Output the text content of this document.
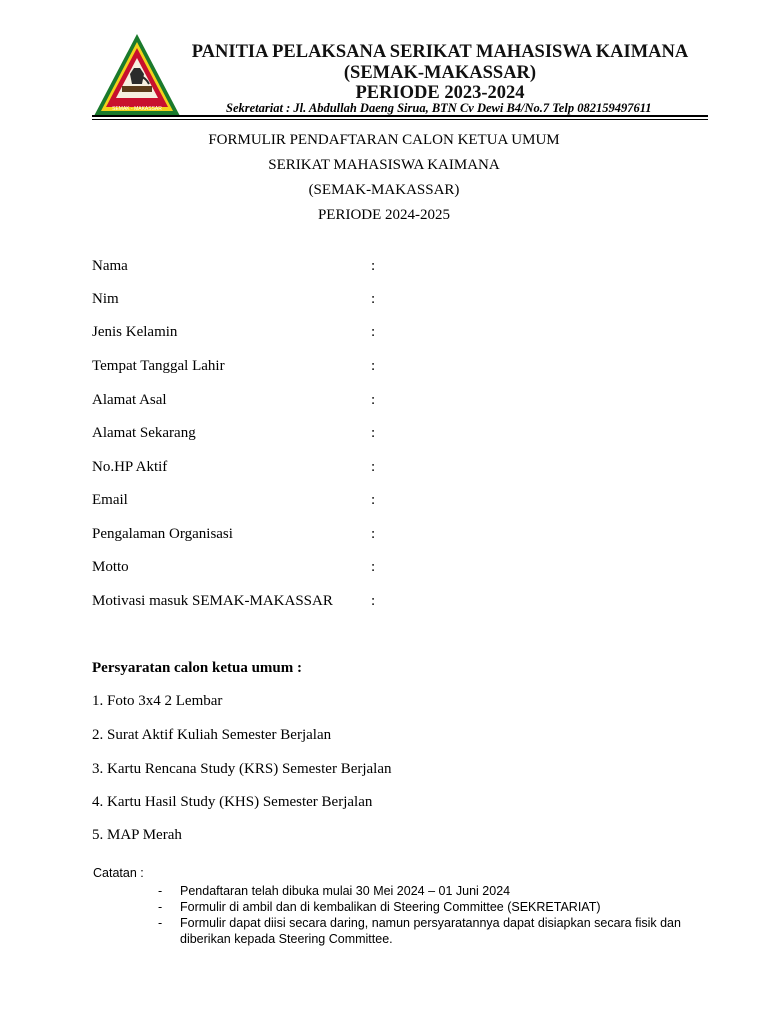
SEMAK - MAKASSAR
PANITIA PELAKSANA SERIKAT MAHASISWA KAIMANA
(SEMAK-MAKASSAR)
PERIODE 2023-2024
Sekretariat : Jl. Abdullah Daeng Sirua, BTN Cv Dewi B4/No.7 Telp 082159497611
FORMULIR PENDAFTARAN CALON KETUA UMUM
SERIKAT MAHASISWA KAIMANA
(SEMAK-MAKASSAR)
PERIODE 2024-2025
Nama	:
Nim	:
Jenis Kelamin	:
Tempat Tanggal Lahir	:
Alamat Asal	:
Alamat Sekarang	:
No.HP Aktif	:
Email	:
Pengalaman Organisasi	:
Motto	:
Motivasi masuk SEMAK-MAKASSAR	:
Persyaratan calon ketua umum :
1. Foto 3x4 2 Lembar
2. Surat Aktif Kuliah Semester Berjalan
3. Kartu Rencana Study (KRS) Semester Berjalan
4. Kartu Hasil Study (KHS) Semester Berjalan
5. MAP Merah
Catatan :
- Pendaftaran telah dibuka mulai 30 Mei 2024 – 01 Juni 2024
- Formulir di ambil dan di kembalikan di Steering Committee (SEKRETARIAT)
- Formulir dapat diisi secara daring, namun persyaratannya dapat disiapkan secara fisik dan diberikan kepada Steering Committee.
